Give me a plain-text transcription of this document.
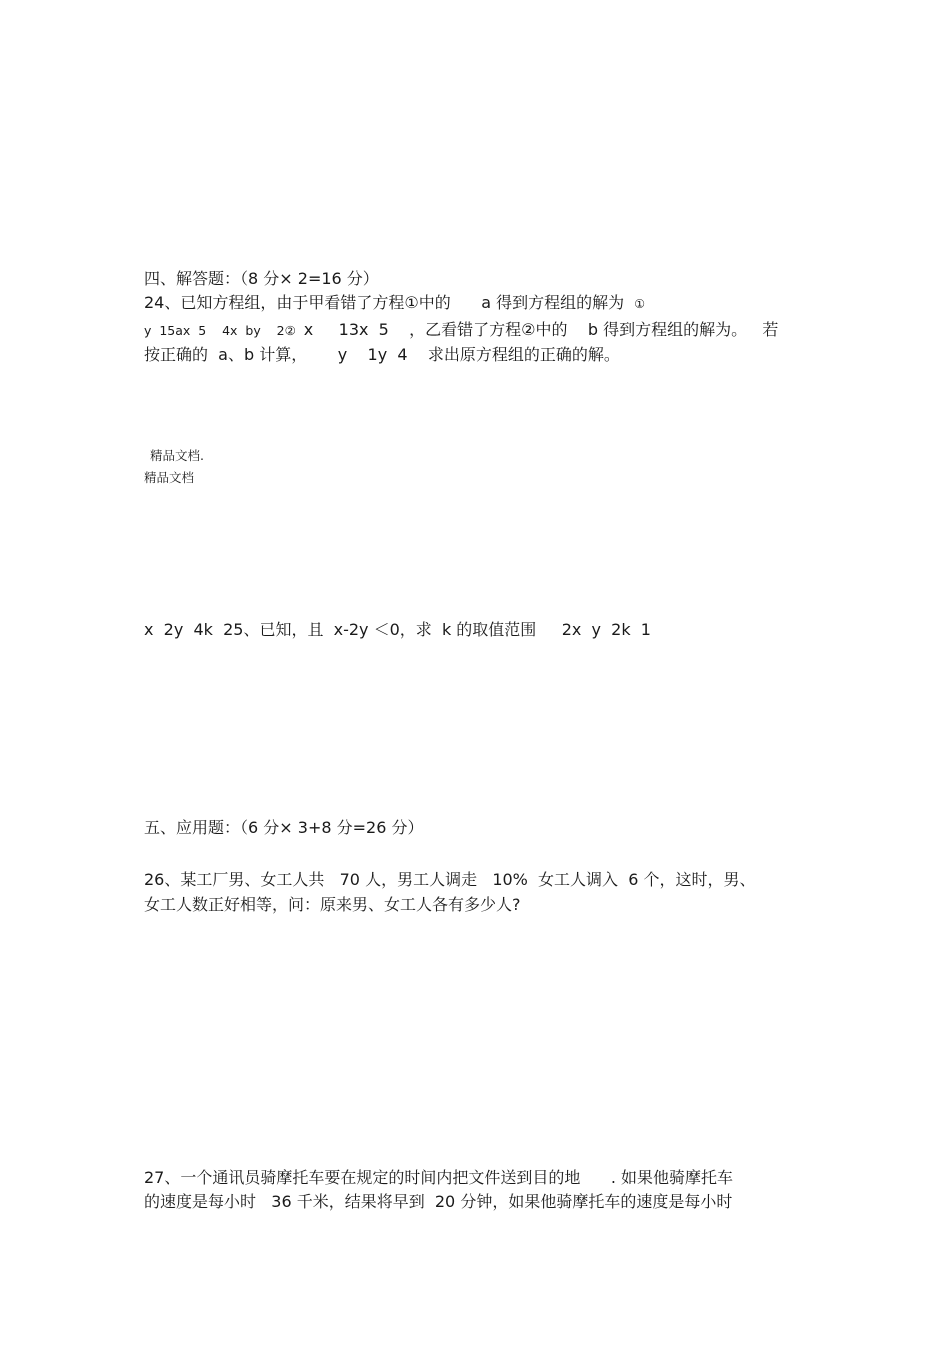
四、解答题：（8 分× 2=16 分）
24、已知方程组，由于甲看错了方程①中的      a 得到方程组的解为  ①
y  15ax  5    4x  by    2②  x     13x  5    ，乙看错了方程②中的    b 得到方程组的解为。   若
按正确的  a、b 计算，      y    1y  4    求出原方程组的正确的解。
精品文档.
精品文档
x  2y  4k  25、已知，且  x-2y ＜0，求  k 的取值范围     2x  y  2k  1
五、应用题：（6 分× 3+8 分=26 分）
26、某工厂男、女工人共   70 人，男工人调走   10%  女工人调入  6 个，这时，男、
女工人数正好相等，问：原来男、女工人各有多少人?
27、一个通讯员骑摩托车要在规定的时间内把文件送到目的地      . 如果他骑摩托车
的速度是每小时   36 千米，结果将早到  20 分钟，如果他骑摩托车的速度是每小时
